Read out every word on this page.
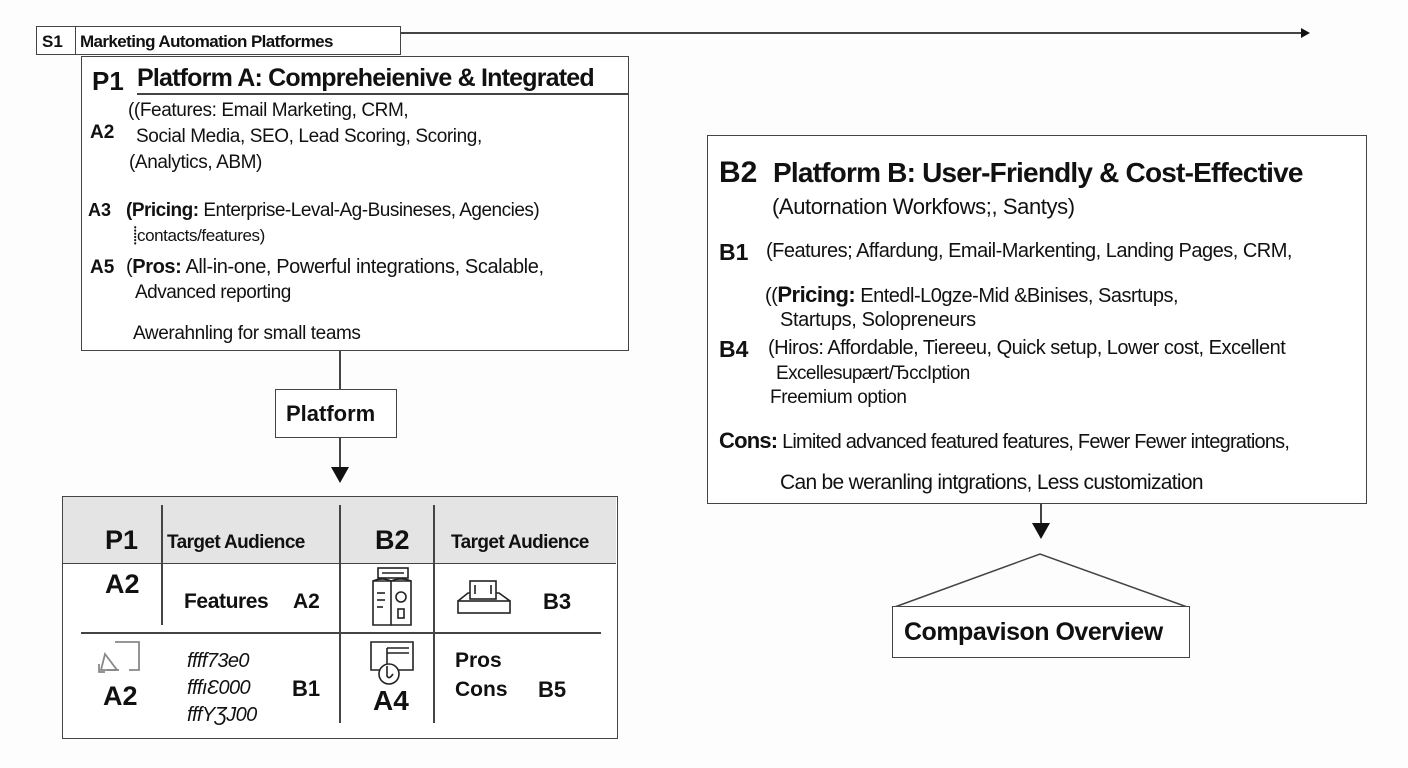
S1 Marketing Automation Platformes
P1 Platform A: Compreheienive & Integrated
A2
((Features: Email Marketing, CRM,
Social Media, SEO, Lead Scoring, Scoring,
(Analytics, ABM)
A3 (Pricing: Enterprise-Leval-Ag-Busineses, Agencies)
⸽contacts/features)
A5 (Pros: All-in-one, Powerful integrations, Scalable,
Advanced reporting
Awerahnling for small teams
Platform
P1 Target Audience	B2 Target Audience
A2
Features A2	B3
A2
ffff73e0
fffıƐ000
fffYƷJ00
B1 A4
Pros
Cons B5
B2 Platform B: User-Friendly & Cost-Effective
(Autornation Workfows;, Santys)
B1 (Features; Affardung, Email-Markenting, Landing Pages, CRM,
((Pricing: Entedl-L0gze-Mid &Binises, Sasrtups,
Startups, Solopreneurs
B4 (Hiros: Affordable, Tiereeu, Quick setup, Lower cost, Excellent
Excellesupært/ЂccIption
Freemium option
Cons: Limited advanced featured features, Fewer Fewer integrations,
Can be weranling intgrations, Less customization
Compavison Overview
